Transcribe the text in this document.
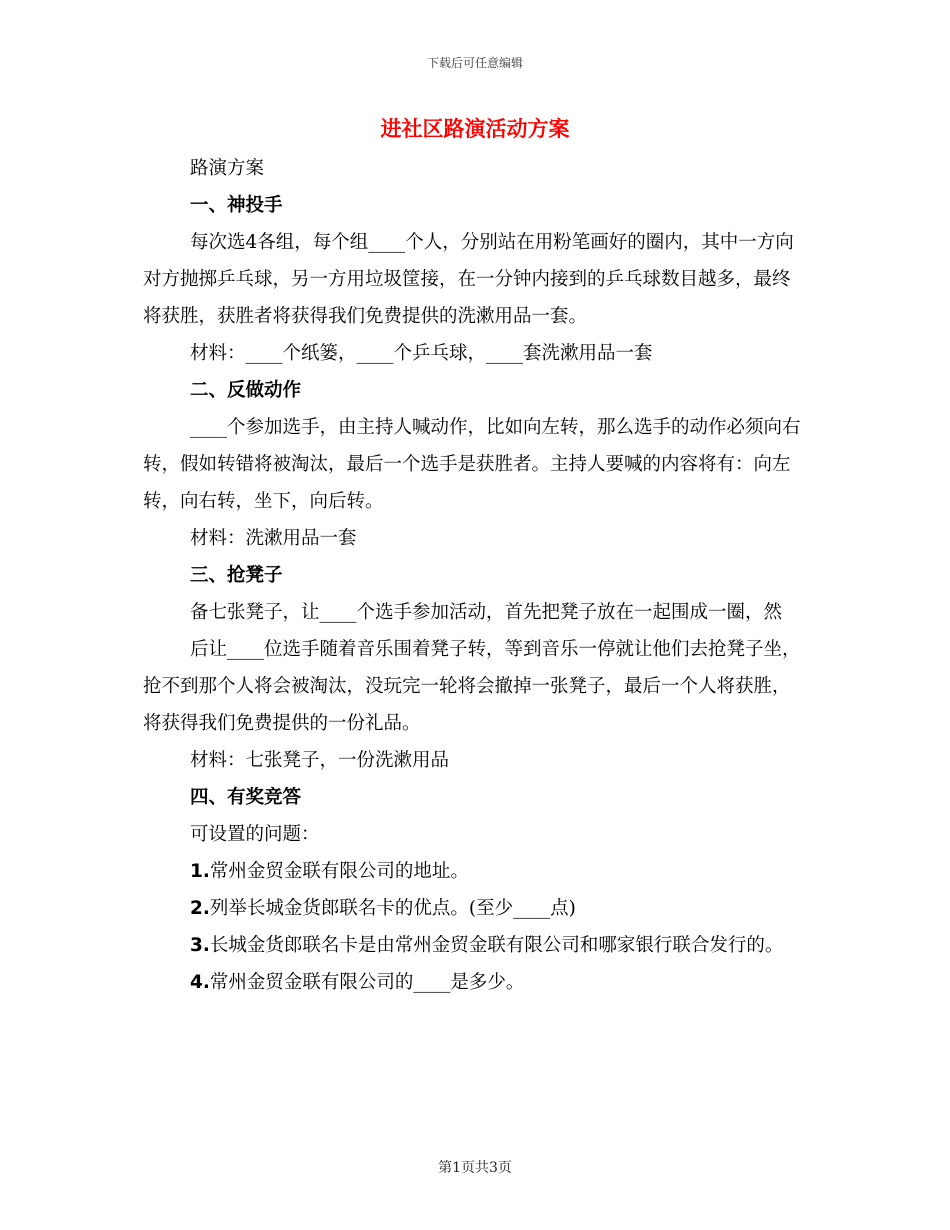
下载后可任意编辑
进社区路演活动方案

路演方案

一、神投手

每次选4各组，每个组____个人，分别站在用粉笔画好的圈内，其中一方向对方抛掷乒乓球，另一方用垃圾筐接，在一分钟内接到的乒乓球数目越多，最终将获胜，获胜者将获得我们免费提供的洗漱用品一套。

材料：____个纸篓，____个乒乓球，____套洗漱用品一套

二、反做动作

____个参加选手，由主持人喊动作，比如向左转，那么选手的动作必须向右转，假如转错将被淘汰，最后一个选手是获胜者。主持人要喊的内容将有：向左转，向右转，坐下，向后转。

材料：洗漱用品一套

三、抢凳子

备七张凳子，让____个选手参加活动，首先把凳子放在一起围成一圈，然

后让____位选手随着音乐围着凳子转，等到音乐一停就让他们去抢凳子坐，抢不到那个人将会被淘汰，没玩完一轮将会撤掉一张凳子，最后一个人将获胜，将获得我们免费提供的一份礼品。

材料：七张凳子，一份洗漱用品

四、有奖竞答

可设置的问题：

1.常州金贸金联有限公司的地址。

2.列举长城金货郎联名卡的优点。(至少____点)

3.长城金货郎联名卡是由常州金贸金联有限公司和哪家银行联合发行的。

4.常州金贸金联有限公司的____是多少。

第1页共3页
